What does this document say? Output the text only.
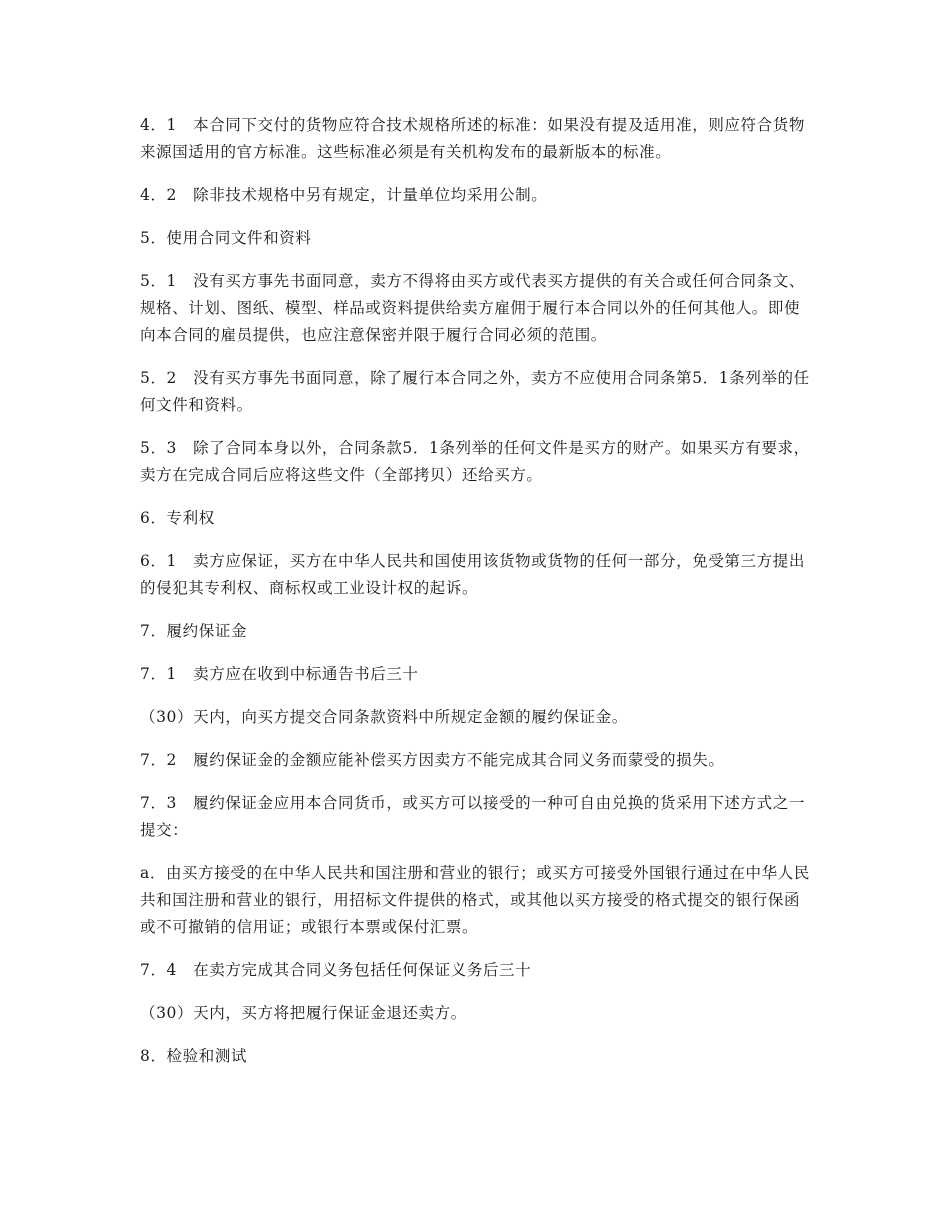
4．1　本合同下交付的货物应符合技术规格所述的标准：如果没有提及适用准，则应符合货物来源国适用的官方标准。这些标准必须是有关机构发布的最新版本的标准。

4．2　除非技术规格中另有规定，计量单位均采用公制。

5．使用合同文件和资料

5．1　没有买方事先书面同意，卖方不得将由买方或代表买方提供的有关合或任何合同条文、规格、计划、图纸、模型、样品或资料提供给卖方雇佣于履行本合同以外的任何其他人。即使向本合同的雇员提供，也应注意保密并限于履行合同必须的范围。

5．2　没有买方事先书面同意，除了履行本合同之外，卖方不应使用合同条第5．1条列举的任何文件和资料。

5．3　除了合同本身以外，合同条款5．1条列举的任何文件是买方的财产。如果买方有要求，卖方在完成合同后应将这些文件（全部拷贝）还给买方。

6．专利权

6．1　卖方应保证，买方在中华人民共和国使用该货物或货物的任何一部分，免受第三方提出的侵犯其专利权、商标权或工业设计权的起诉。

7．履约保证金

7．1　卖方应在收到中标通告书后三十

（30）天内，向买方提交合同条款资料中所规定金额的履约保证金。

7．2　履约保证金的金额应能补偿买方因卖方不能完成其合同义务而蒙受的损失。

7．3　履约保证金应用本合同货币，或买方可以接受的一种可自由兑换的货采用下述方式之一提交：

a．由买方接受的在中华人民共和国注册和营业的银行；或买方可接受外国银行通过在中华人民共和国注册和营业的银行，用招标文件提供的格式，或其他以买方接受的格式提交的银行保函或不可撤销的信用证；或银行本票或保付汇票。

7．4　在卖方完成其合同义务包括任何保证义务后三十

（30）天内，买方将把履行保证金退还卖方。

8．检验和测试
